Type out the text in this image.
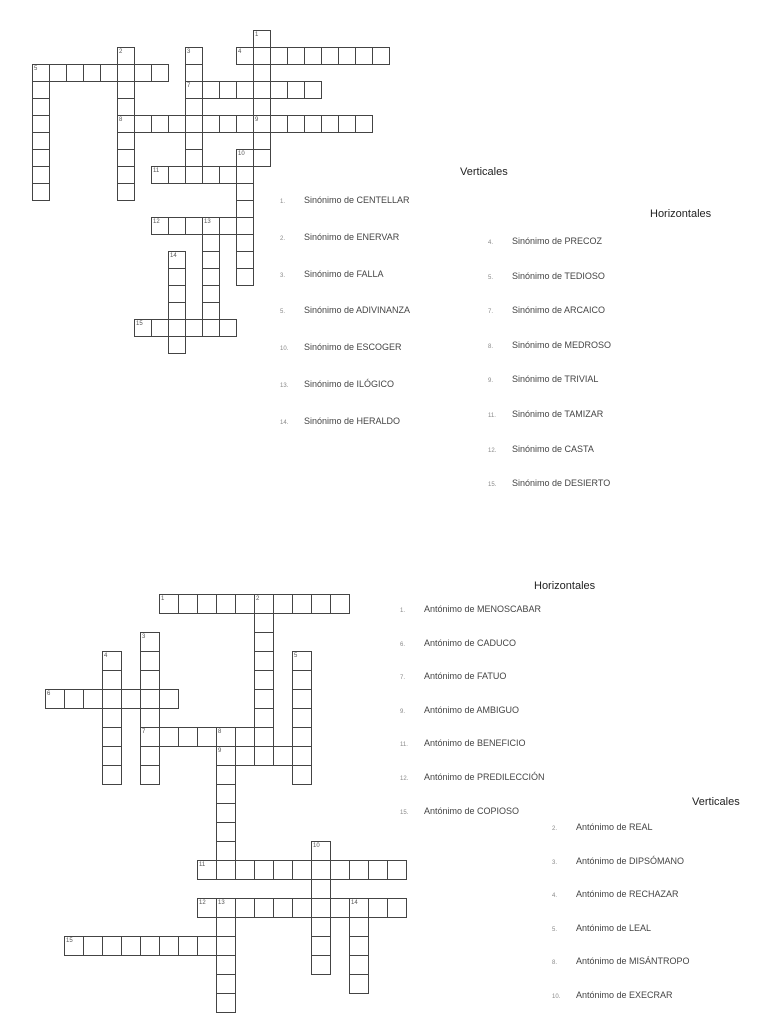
1
2	3	4
5
7
8	9
10
11
12	13
14
15
Verticales
Horizontales
1. Sinónimo de CENTELLAR
2. Sinónimo de ENERVAR
3. Sinónimo de FALLA
5. Sinónimo de ADIVINANZA
10. Sinónimo de ESCOGER
13. Sinónimo de ILÓGICO
14. Sinónimo de HERALDO
4. Sinónimo de PRECOZ
5. Sinónimo de TEDIOSO
7. Sinónimo de ARCAICO
8. Sinónimo de MEDROSO
9. Sinónimo de TRIVIAL
11. Sinónimo de TAMIZAR
12. Sinónimo de CASTA
15. Sinónimo de DESIERTO
1	2
3
4	5
6
7	8
9
10
11
12 13	14
15
Horizontales
Verticales
1. Antónimo de MENOSCABAR
6. Antónimo de CADUCO
7. Antónimo de FATUO
9. Antónimo de AMBIGUO
11. Antónimo de BENEFICIO
12. Antónimo de PREDILECCIÓN
15. Antónimo de COPIOSO
2. Antónimo de REAL
3. Antónimo de DIPSÓMANO
4. Antónimo de RECHAZAR
5. Antónimo de LEAL
8. Antónimo de MISÁNTROPO
10. Antónimo de EXECRAR
